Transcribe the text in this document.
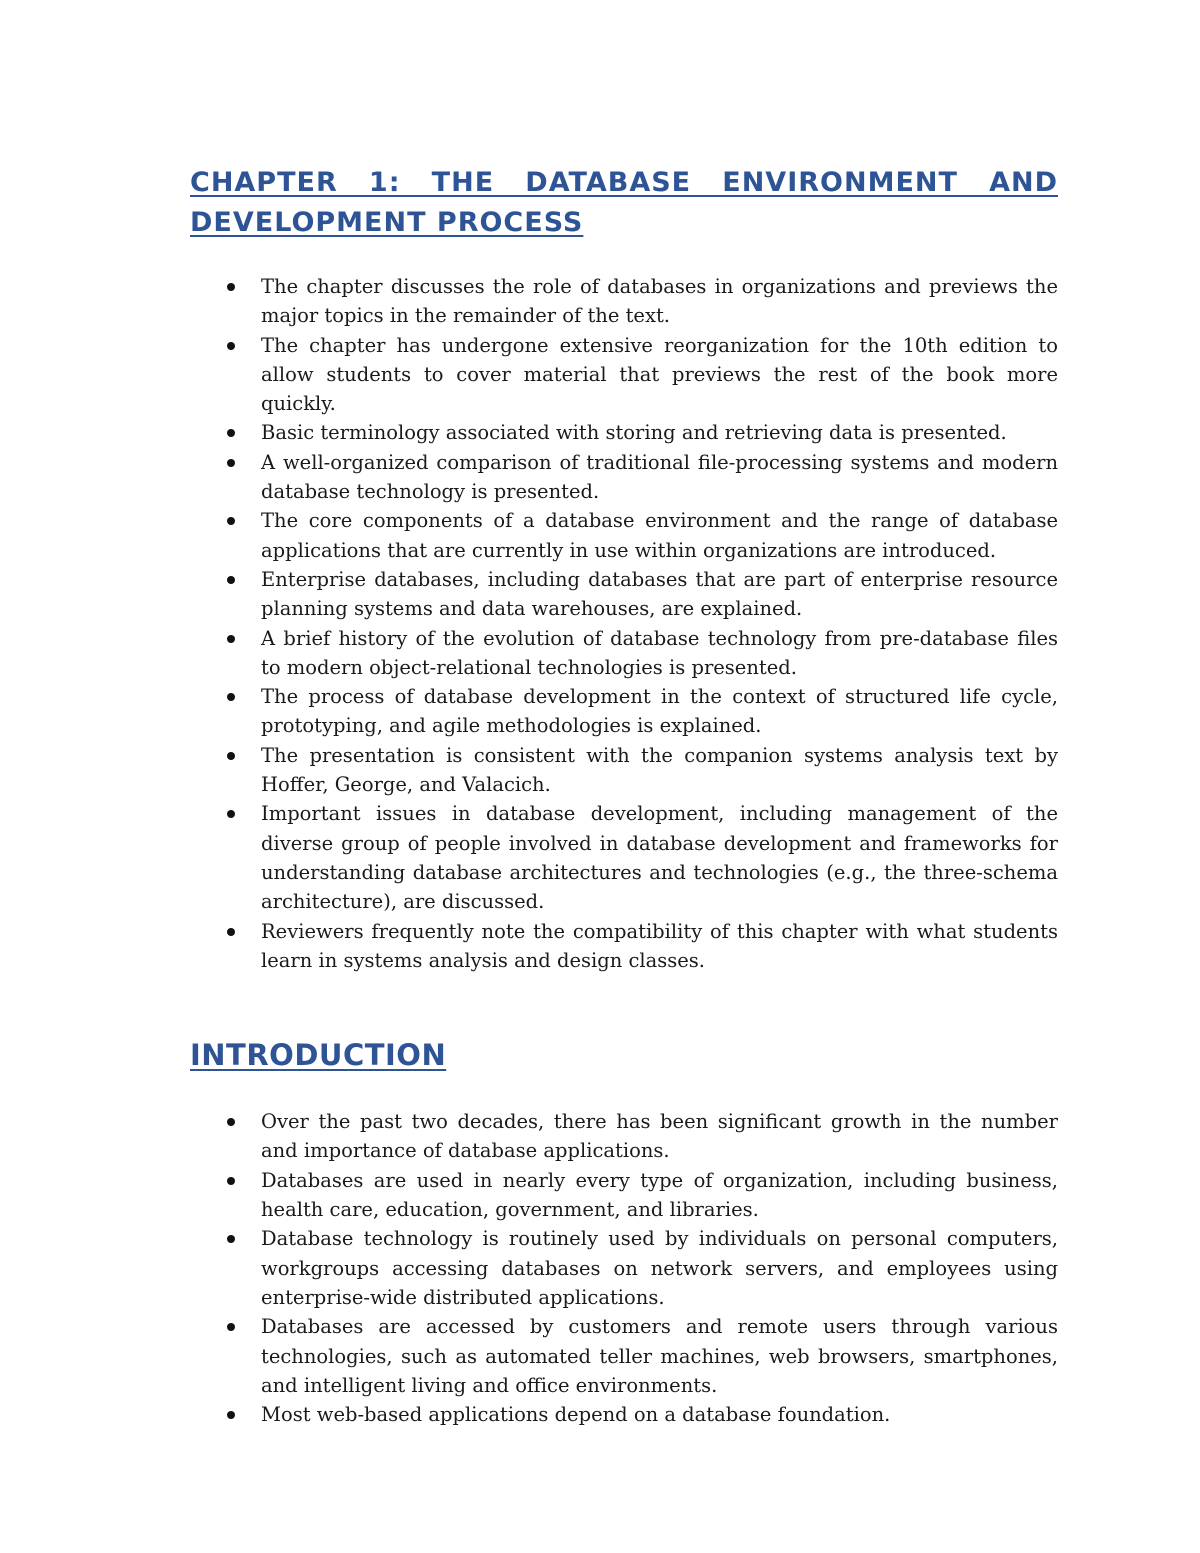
CHAPTER 1: THE DATABASE ENVIRONMENT AND DEVELOPMENT PROCESS
The chapter discusses the role of databases in organizations and previews the major topics in the remainder of the text.
The chapter has undergone extensive reorganization for the 10th edition to allow students to cover material that previews the rest of the book more quickly.
Basic terminology associated with storing and retrieving data is presented.
A well-organized comparison of traditional file-processing systems and modern database technology is presented.
The core components of a database environment and the range of database applications that are currently in use within organizations are introduced.
Enterprise databases, including databases that are part of enterprise resource planning systems and data warehouses, are explained.
A brief history of the evolution of database technology from pre-database files to modern object-relational technologies is presented.
The process of database development in the context of structured life cycle, prototyping, and agile methodologies is explained.
The presentation is consistent with the companion systems analysis text by Hoffer, George, and Valacich.
Important issues in database development, including management of the diverse group of people involved in database development and frameworks for understanding database architectures and technologies (e.g., the three-schema architecture), are discussed.
Reviewers frequently note the compatibility of this chapter with what students learn in systems analysis and design classes.
INTRODUCTION
Over the past two decades, there has been significant growth in the number and importance of database applications.
Databases are used in nearly every type of organization, including business, health care, education, government, and libraries.
Database technology is routinely used by individuals on personal computers, workgroups accessing databases on network servers, and employees using enterprise-wide distributed applications.
Databases are accessed by customers and remote users through various technologies, such as automated teller machines, web browsers, smartphones, and intelligent living and office environments.
Most web-based applications depend on a database foundation.
